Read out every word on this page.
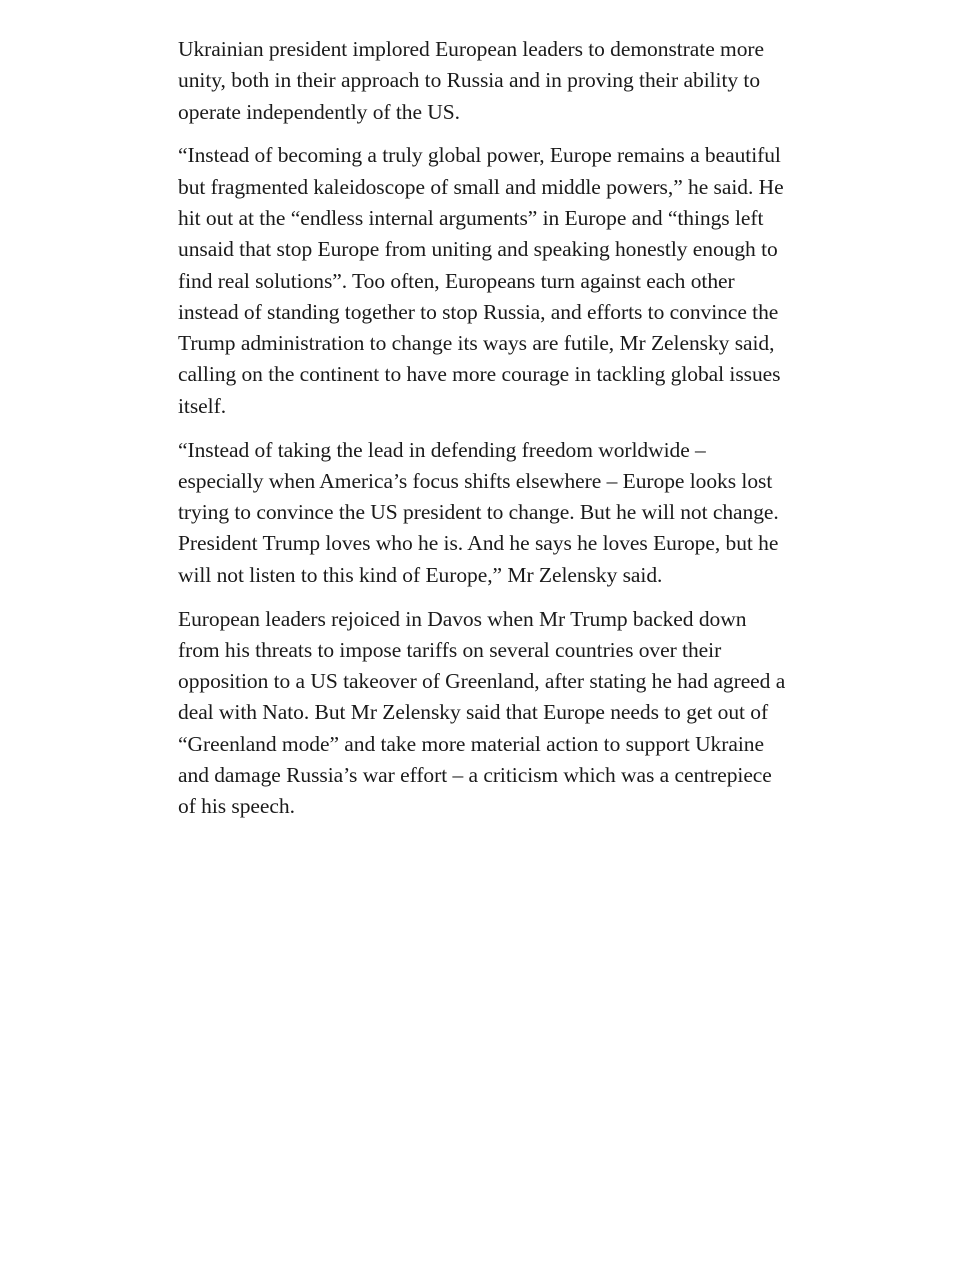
Ukrainian president implored European leaders to demonstrate more unity, both in their approach to Russia and in proving their ability to operate independently of the US.

“Instead of becoming a truly global power, Europe remains a beautiful but fragmented kaleidoscope of small and middle powers,” he said. He hit out at the “endless internal arguments” in Europe and “things left unsaid that stop Europe from uniting and speaking honestly enough to find real solutions”. Too often, Europeans turn against each other instead of standing together to stop Russia, and efforts to convince the Trump administration to change its ways are futile, Mr Zelensky said, calling on the continent to have more courage in tackling global issues itself.

“Instead of taking the lead in defending freedom worldwide – especially when America’s focus shifts elsewhere – Europe looks lost trying to convince the US president to change. But he will not change. President Trump loves who he is. And he says he loves Europe, but he will not listen to this kind of Europe,” Mr Zelensky said.

European leaders rejoiced in Davos when Mr Trump backed down from his threats to impose tariffs on several countries over their opposition to a US takeover of Greenland, after stating he had agreed a deal with Nato. But Mr Zelensky said that Europe needs to get out of “Greenland mode” and take more material action to support Ukraine and damage Russia’s war effort – a criticism which was a centrepiece of his speech.
